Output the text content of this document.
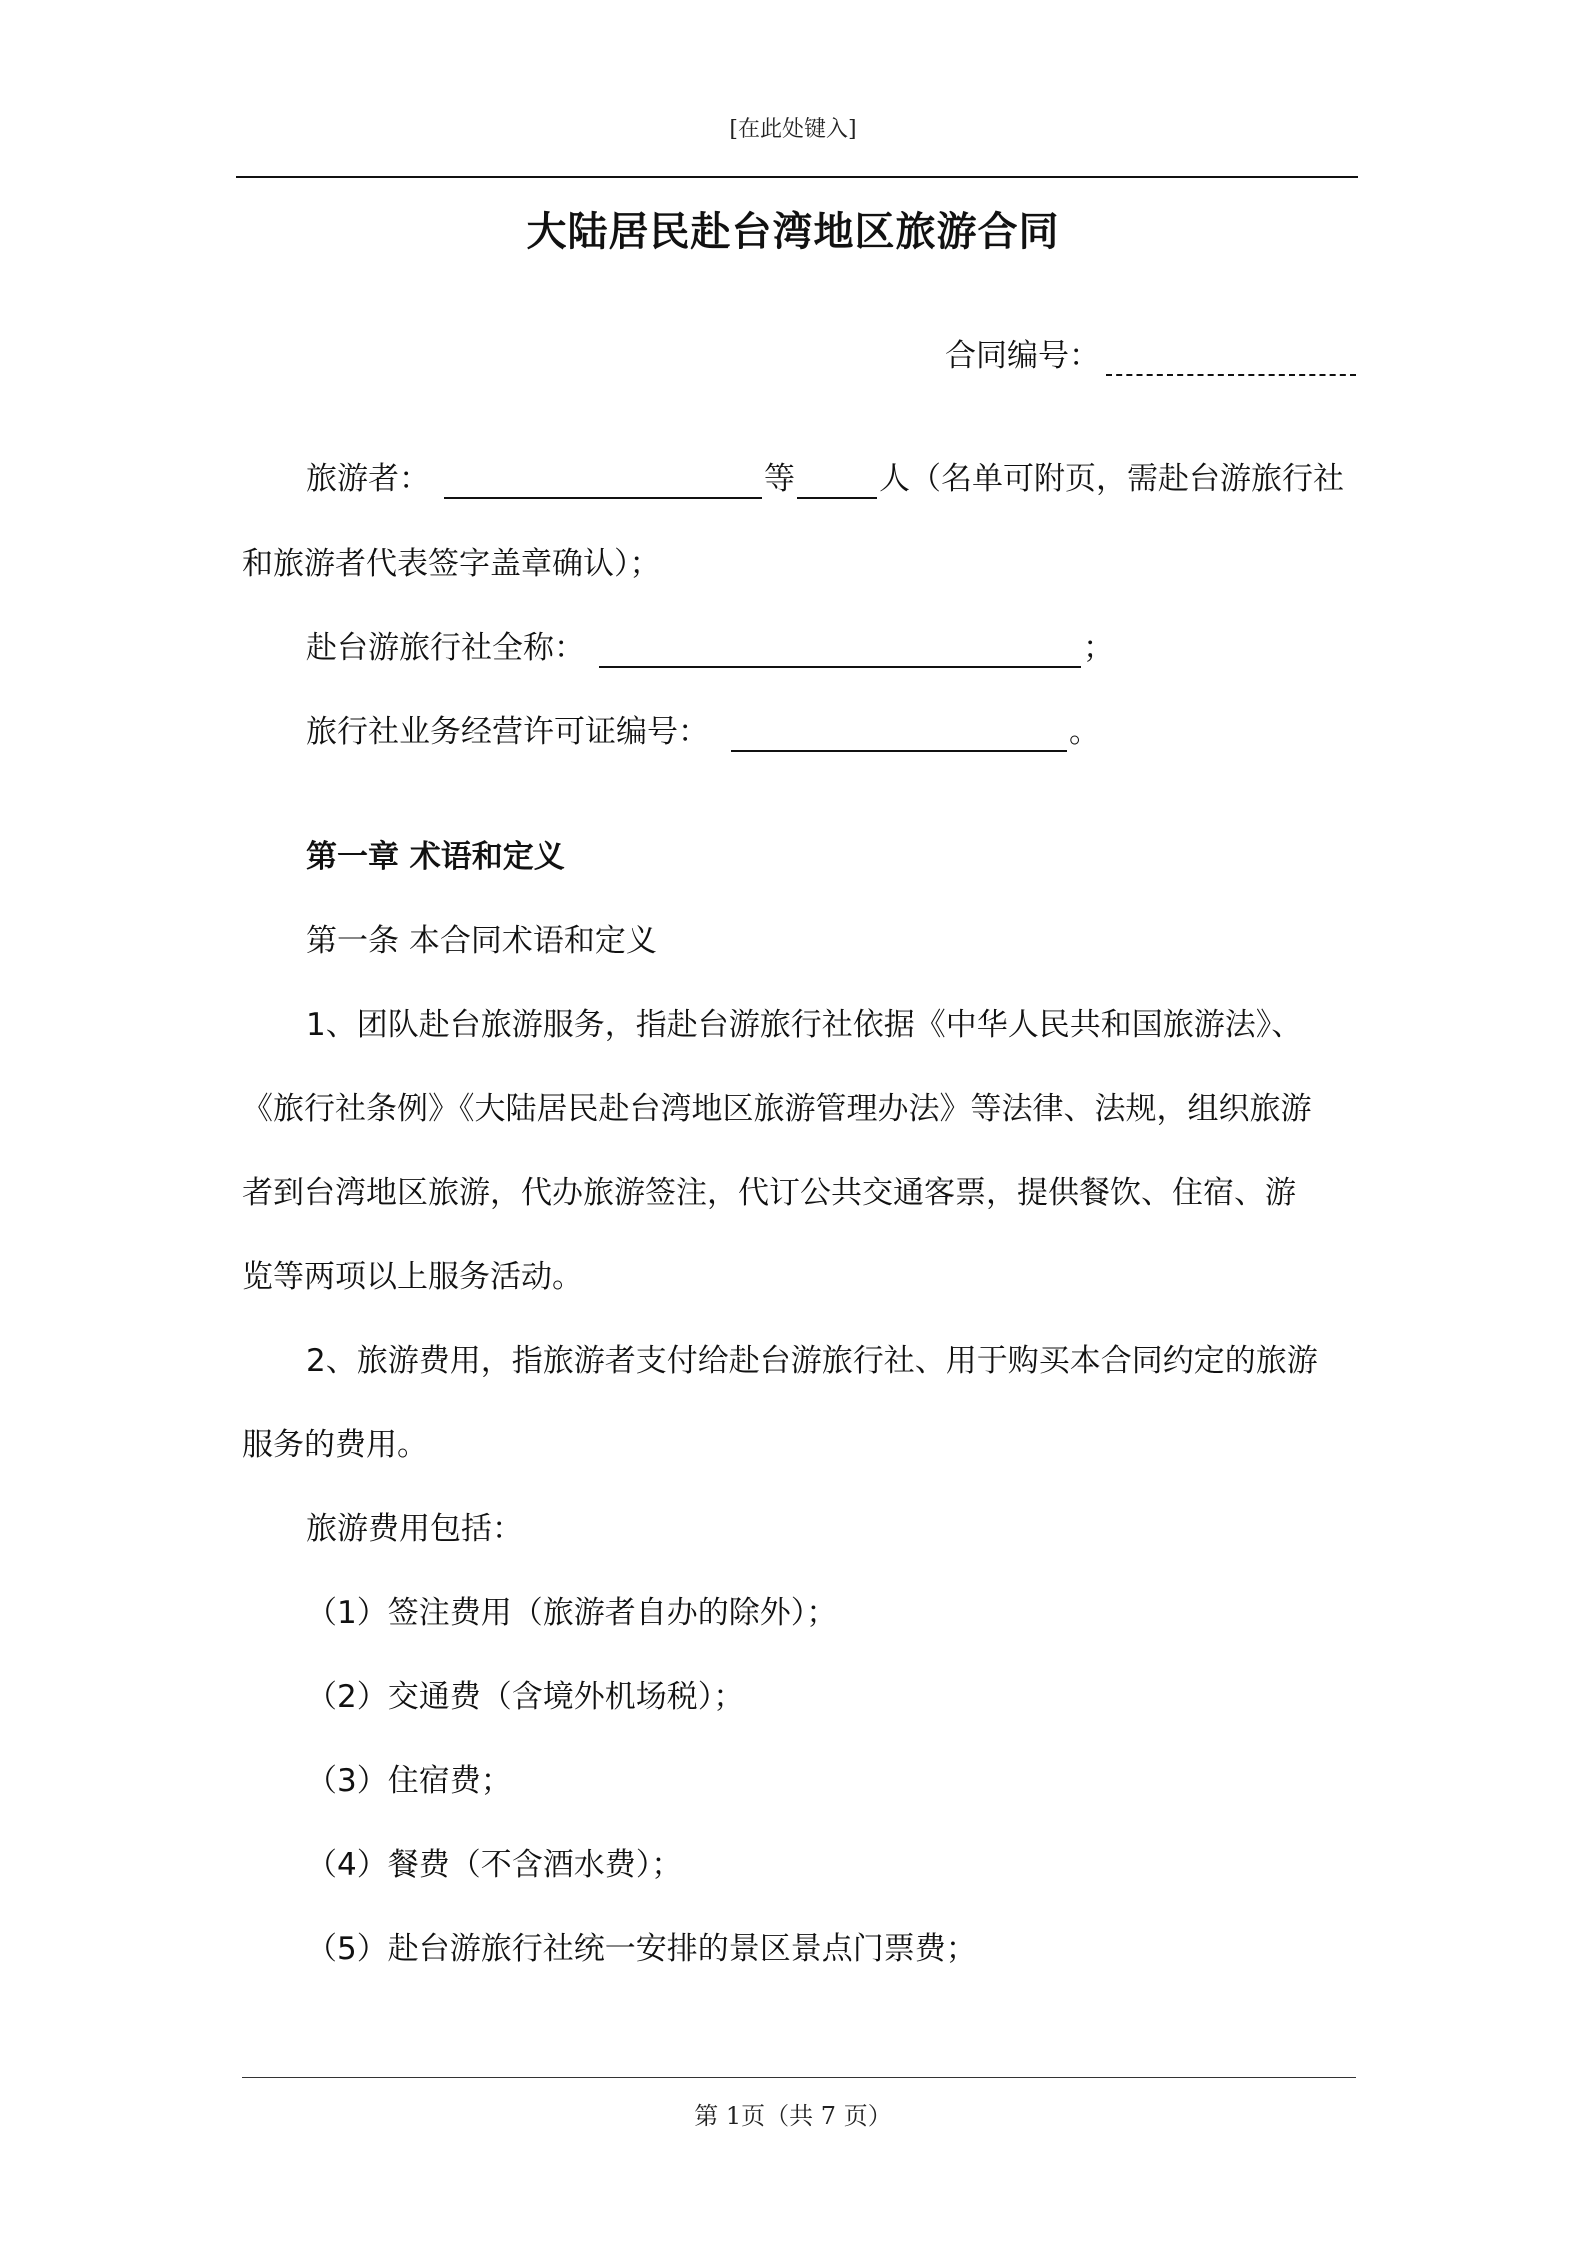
[在此处键入]
大陆居民赴台湾地区旅游合同
合同编号：
旅游者：	等	人（名单可附页，需赴台游旅行社
和旅游者代表签字盖章确认）；
赴台游旅行社全称：	；
旅行社业务经营许可证编号：	。
第一章 术语和定义
第一条 本合同术语和定义
1、团队赴台旅游服务，指赴台游旅行社依据《中华人民共和国旅游法》、
《旅行社条例》《大陆居民赴台湾地区旅游管理办法》等法律、法规，组织旅游
者到台湾地区旅游，代办旅游签注，代订公共交通客票，提供餐饮、住宿、游
览等两项以上服务活动。
2、旅游费用，指旅游者支付给赴台游旅行社、用于购买本合同约定的旅游
服务的费用。
旅游费用包括：
（1）签注费用（旅游者自办的除外）；
（2）交通费（含境外机场税）；
（3）住宿费；
（4）餐费（不含酒水费）；
（5）赴台游旅行社统一安排的景区景点门票费；
第 1页（共 7 页）
